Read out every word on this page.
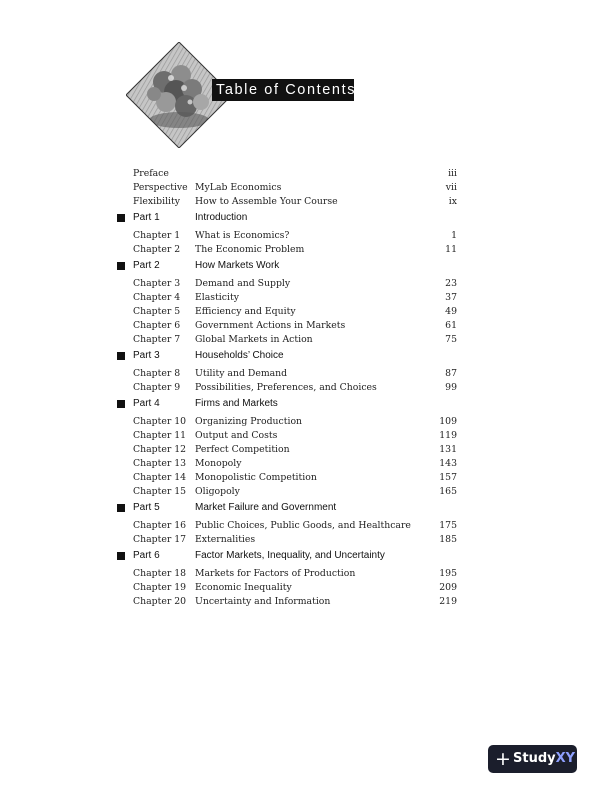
Table of Contents
Preface	iii
Perspective MyLab Economics	vii
Flexibility How to Assemble Your Course	ix
Part 1	Introduction
Chapter 1 What is Economics?	1
Chapter 2 The Economic Problem	11
Part 2	How Markets Work
Chapter 3 Demand and Supply	23
Chapter 4 Elasticity	37
Chapter 5 Efficiency and Equity	49
Chapter 6 Government Actions in Markets	61
Chapter 7 Global Markets in Action	75
Part 3	Households’ Choice
Chapter 8 Utility and Demand	87
Chapter 9 Possibilities, Preferences, and Choices	99
Part 4	Firms and Markets
Chapter 10 Organizing Production	109
Chapter 11 Output and Costs	119
Chapter 12 Perfect Competition	131
Chapter 13 Monopoly	143
Chapter 14 Monopolistic Competition	157
Chapter 15 Oligopoly	165
Part 5	Market Failure and Government
Chapter 16 Public Choices, Public Goods, and Healthcare	175
Chapter 17 Externalities	185
Part 6	Factor Markets, Inequality, and Uncertainty
Chapter 18 Markets for Factors of Production	195
Chapter 19 Economic Inequality	209
Chapter 20 Uncertainty and Information	219
+ StudyXY
